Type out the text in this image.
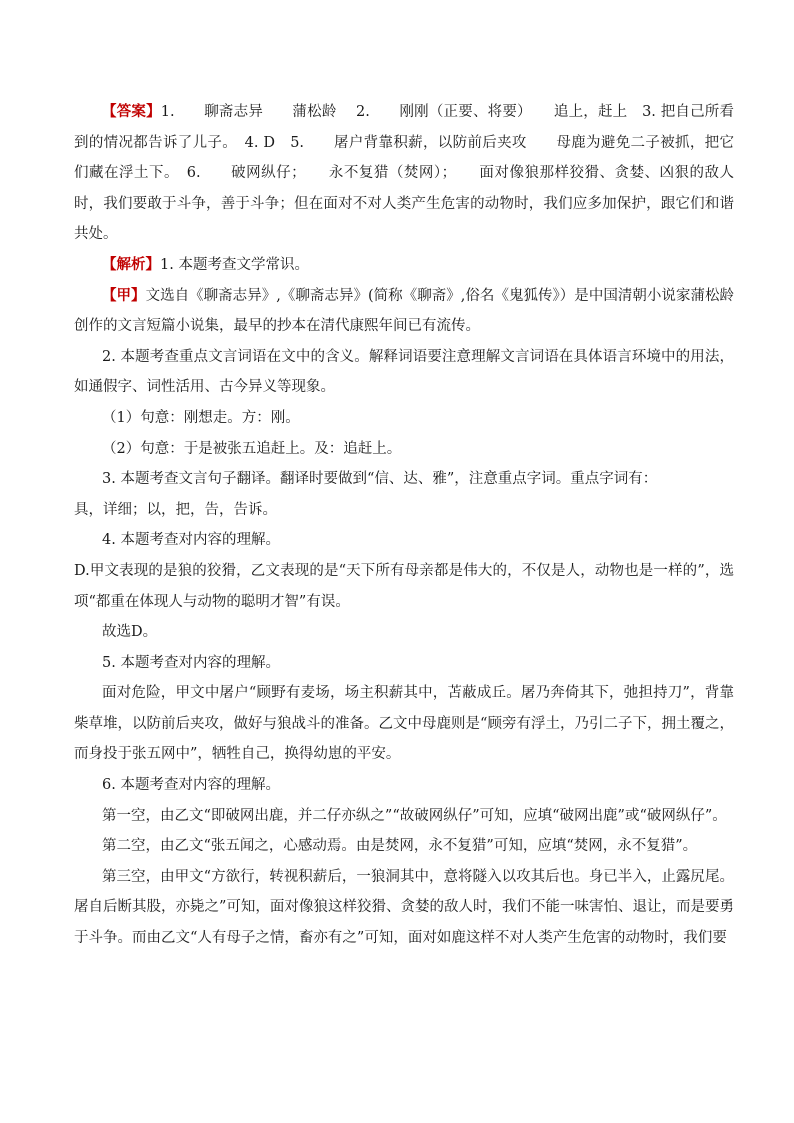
【答案】1.　　聊斋志异　　蒲松龄　 2.　　刚刚（正要、将要）　　追上，赶上　3. 把自己所看到的情况都告诉了儿子。　4. D　5.　　屠户背靠积薪，以防前后夹攻　　母鹿为避免二子被抓，把它们藏在浮土下。　6.　　破网纵仔；　　永不复猎（焚网）；　　面对像狼那样狡猾、贪婪、凶狠的敌人时，我们要敢于斗争，善于斗争；但在面对不对人类产生危害的动物时，我们应多加保护，跟它们和谐共处。

【解析】1. 本题考查文学常识。

【甲】文选自《聊斋志异》,《聊斋志异》(简称《聊斋》,俗名《鬼狐传》）是中国清朝小说家蒲松龄创作的文言短篇小说集，最早的抄本在清代康熙年间已有流传。

2. 本题考查重点文言词语在文中的含义。解释词语要注意理解文言词语在具体语言环境中的用法，如通假字、词性活用、古今异义等现象。

（1）句意：刚想走。方：刚。

（2）句意：于是被张五追赶上。及：追赶上。

3. 本题考查文言句子翻译。翻译时要做到“信、达、雅”，注意重点字词。重点字词有：

具，详细；以，把，告，告诉。

4. 本题考查对内容的理解。

D.甲文表现的是狼的狡猾，乙文表现的是“天下所有母亲都是伟大的，不仅是人，动物也是一样的”，选项“都重在体现人与动物的聪明才智”有误。

故选D。

5. 本题考查对内容的理解。

面对危险，甲文中屠户“顾野有麦场，场主积薪其中，苫蔽成丘。屠乃奔倚其下，弛担持刀”，背靠柴草堆，以防前后夹攻，做好与狼战斗的准备。乙文中母鹿则是“顾旁有浮土，乃引二子下，拥土覆之，而身投于张五网中”，牺牲自己，换得幼崽的平安。

6. 本题考查对内容的理解。

第一空，由乙文“即破网出鹿，并二仔亦纵之”“故破网纵仔”可知，应填“破网出鹿”或“破网纵仔”。

第二空，由乙文“张五闻之，心感动焉。由是焚网，永不复猎”可知，应填“焚网，永不复猎”。

第三空，由甲文“方欲行，转视积薪后，一狼洞其中，意将隧入以攻其后也。身已半入，止露尻尾。屠自后断其股，亦毙之”可知，面对像狼这样狡猾、贪婪的敌人时，我们不能一味害怕、退让，而是要勇于斗争。而由乙文“人有母子之情，畜亦有之”可知，面对如鹿这样不对人类产生危害的动物时，我们要
